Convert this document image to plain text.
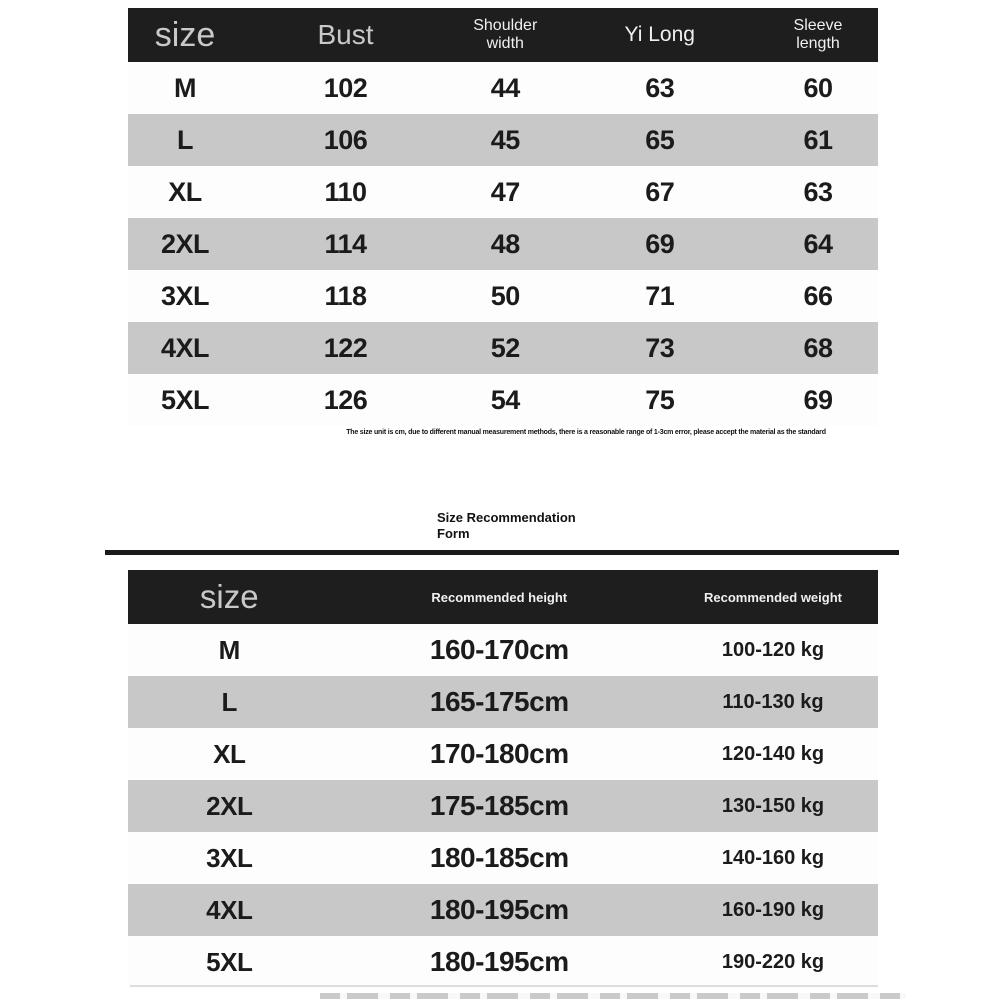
size	Bust	Shoulder width	Yi Long	Sleeve length
M	102	44	63	60
L	106	45	65	61
XL	110	47	67	63
2XL	114	48	69	64
3XL	118	50	71	66
4XL	122	52	73	68
5XL	126	54	75	69
The size unit is cm, due to different manual measurement methods, there is a reasonable range of 1-3cm error, please accept the material as the standard
Size Recommendation
Form
size	Recommended height	Recommended weight
M	160-170cm	100-120 kg
L	165-175cm	110-130 kg
XL	170-180cm	120-140 kg
2XL	175-185cm	130-150 kg
3XL	180-185cm	140-160 kg
4XL	180-195cm	160-190 kg
5XL	180-195cm	190-220 kg
